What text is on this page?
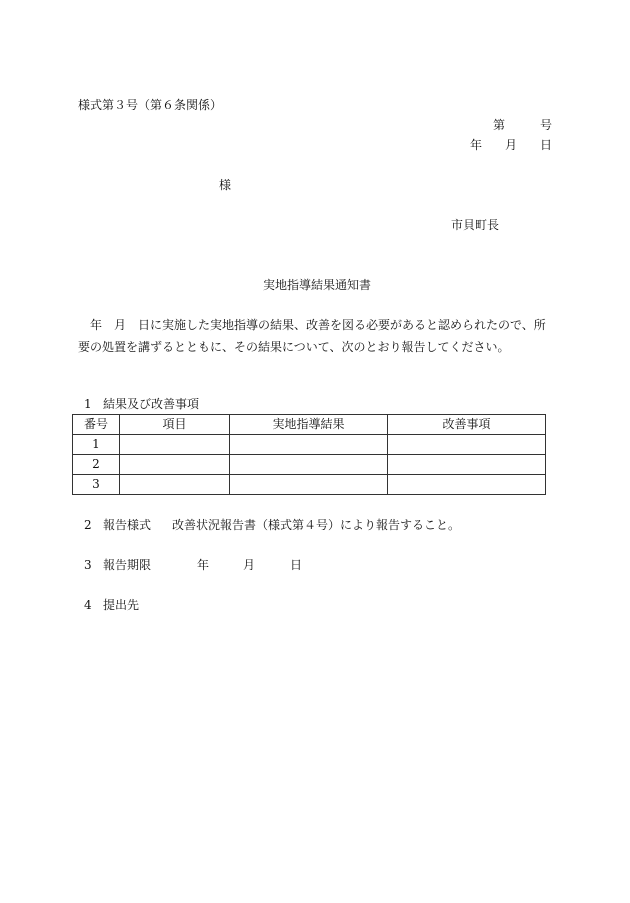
様式第３号（第６条関係）
第	号
年 月 日
様
市貝町長
実地指導結果通知書
年 月 日に実施した実地指導の結果、改善を図る必要があると認められたので、所要の処置を講ずるとともに、その結果について、次のとおり報告してください。
1 結果及び改善事項
番号	項目	実地指導結果	改善事項
1			
2			
3			
2 報告様式 改善状況報告書（様式第４号）により報告すること。
3 報告期限	年	月	日
4 提出先
